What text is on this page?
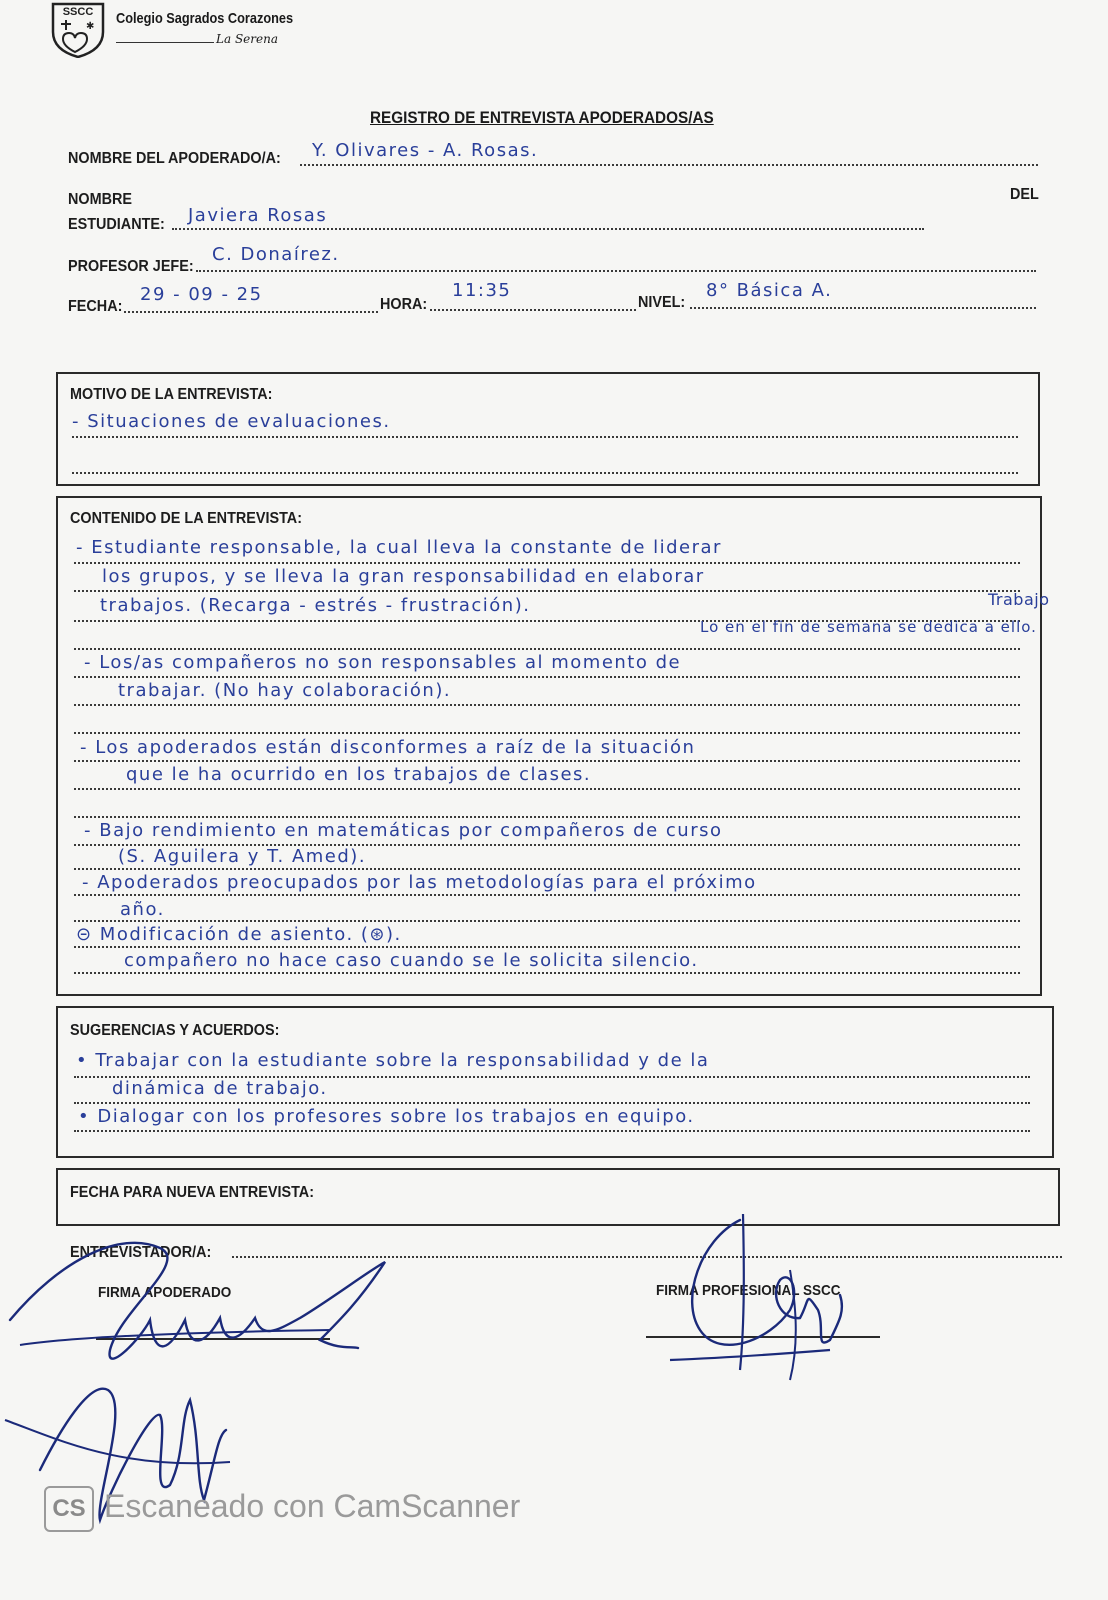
SSCC
✱ Colegio Sagrados Corazones
La Serena
REGISTRO DE ENTREVISTA APODERADOS/AS
NOMBRE DEL APODERADO/A: Y. Olivares - A. Rosas.
NOMBRE	DEL
ESTUDIANTE: Javiera Rosas
PROFESOR JEFE:
C. Donaírez.
FECHA:
29 - 09 - 25	HORA:
11:35
NIVEL:
8° Básica A.
MOTIVO DE LA ENTREVISTA:
- Situaciones de evaluaciones.
CONTENIDO DE LA ENTREVISTA:
- Estudiante responsable, la cual lleva la constante de liderar
los grupos, y se lleva la gran responsabilidad en elaborar
trabajos. (Recarga - estrés - frustración).	Trabajo
Lo en el fin de semana se dedica a ello.
- Los/as compañeros no son responsables al momento de
trabajar. (No hay colaboración).
- Los apoderados están disconformes a raíz de la situación
que le ha ocurrido en los trabajos de clases.
- Bajo rendimiento en matemáticas por compañeros de curso
(S. Aguilera y T. Amed).
- Apoderados preocupados por las metodologías para el próximo
año.
⊝ Modificación de asiento. (⊛).
compañero no hace caso cuando se le solicita silencio.
SUGERENCIAS Y ACUERDOS:
• Trabajar con la estudiante sobre la responsabilidad y de la
dinámica de trabajo.
• Dialogar con los profesores sobre los trabajos en equipo.
FECHA PARA NUEVA ENTREVISTA:
ENTREVISTADOR/A:
FIRMA APODERADO	FIRMA PROFESIONAL SSCC
CS Escaneado con CamScanner
